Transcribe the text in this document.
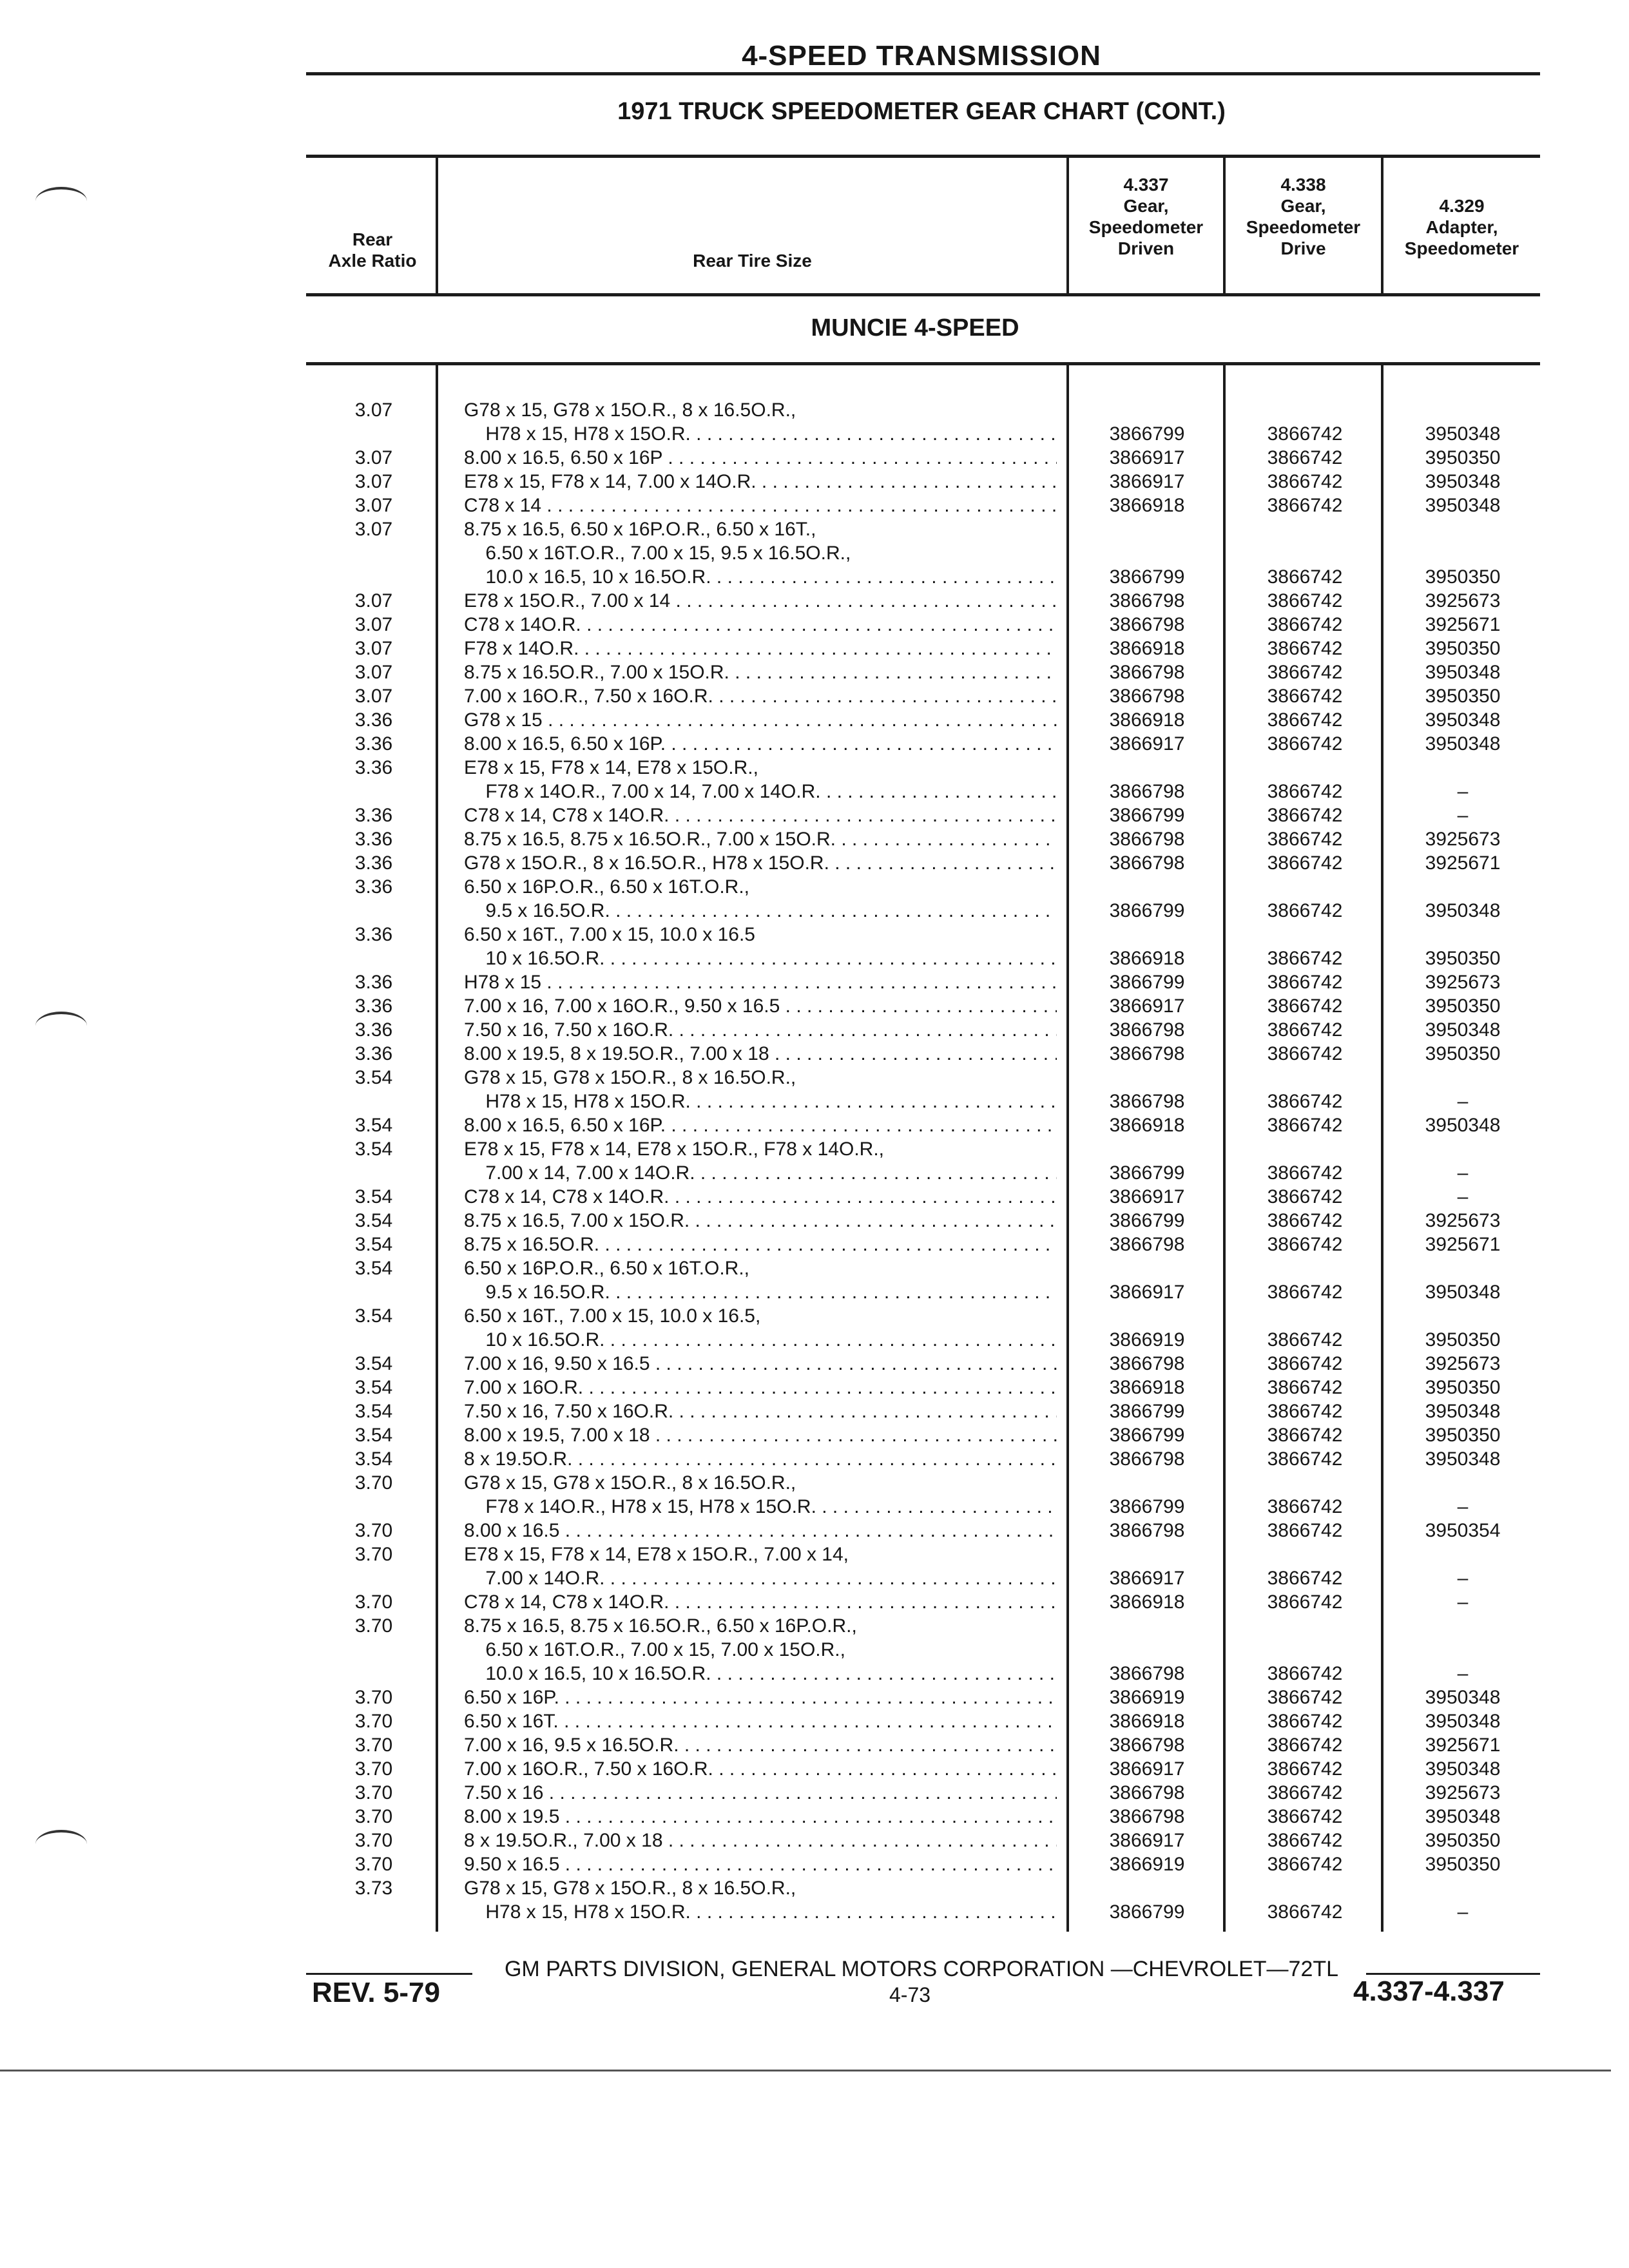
4-SPEED TRANSMISSION
1971 TRUCK SPEEDOMETER GEAR CHART (CONT.)
Rear
Axle Ratio	Rear Tire Size
4.337
Gear,
Speedometer
Driven
4.338
Gear,
Speedometer
Drive
4.329
Adapter,
Speedometer
MUNCIE 4-SPEED
3.07	G78 x 15, G78 x 15O.R., 8 x 16.5O.R.,
H78 x 15, H78 x 15O.R. . . .	3866799	3866742	3950348
3.07	8.00 x 16.5, 6.50 x 16P . . .	3866917	3866742	3950350
3.07	E78 x 15, F78 x 14, 7.00 x 14O.R. . . .	3866917	3866742	3950348
3.07	C78 x 14 . . .	3866918	3866742	3950348
3.07	8.75 x 16.5, 6.50 x 16P.O.R., 6.50 x 16T.,
6.50 x 16T.O.R., 7.00 x 15, 9.5 x 16.5O.R.,
10.0 x 16.5, 10 x 16.5O.R. . . .	3866799	3866742	3950350
3.07	E78 x 15O.R., 7.00 x 14 . . .	3866798	3866742	3925673
3.07	C78 x 14O.R. . . .	3866798	3866742	3925671
3.07	F78 x 14O.R. . . .	3866918	3866742	3950350
3.07	8.75 x 16.5O.R., 7.00 x 15O.R. . . .	3866798	3866742	3950348
3.07	7.00 x 16O.R., 7.50 x 16O.R. . . .	3866798	3866742	3950350
3.36	G78 x 15 . . .	3866918	3866742	3950348
3.36	8.00 x 16.5, 6.50 x 16P. . . .	3866917	3866742	3950348
3.36	E78 x 15, F78 x 14, E78 x 15O.R.,
F78 x 14O.R., 7.00 x 14, 7.00 x 14O.R. . . .	3866798	3866742	–
3.36	C78 x 14, C78 x 14O.R. . . .	3866799	3866742	–
3.36	8.75 x 16.5, 8.75 x 16.5O.R., 7.00 x 15O.R. . . .	3866798	3866742	3925673
3.36	G78 x 15O.R., 8 x 16.5O.R., H78 x 15O.R. . . .	3866798	3866742	3925671
3.36	6.50 x 16P.O.R., 6.50 x 16T.O.R.,
9.5 x 16.5O.R. . . .	3866799	3866742	3950348
3.36	6.50 x 16T., 7.00 x 15, 10.0 x 16.5
10 x 16.5O.R. . . .	3866918	3866742	3950350
3.36	H78 x 15 . . .	3866799	3866742	3925673
3.36	7.00 x 16, 7.00 x 16O.R., 9.50 x 16.5 . . .	3866917	3866742	3950350
3.36	7.50 x 16, 7.50 x 16O.R. . . .	3866798	3866742	3950348
3.36	8.00 x 19.5, 8 x 19.5O.R., 7.00 x 18 . . .	3866798	3866742	3950350
3.54	G78 x 15, G78 x 15O.R., 8 x 16.5O.R.,
H78 x 15, H78 x 15O.R. . . .	3866798	3866742	–
3.54	8.00 x 16.5, 6.50 x 16P. . . .	3866918	3866742	3950348
3.54	E78 x 15, F78 x 14, E78 x 15O.R., F78 x 14O.R.,
7.00 x 14, 7.00 x 14O.R. . . .	3866799	3866742	–
3.54	C78 x 14, C78 x 14O.R. . . .	3866917	3866742	–
3.54	8.75 x 16.5, 7.00 x 15O.R. . . .	3866799	3866742	3925673
3.54	8.75 x 16.5O.R. . . .	3866798	3866742	3925671
3.54	6.50 x 16P.O.R., 6.50 x 16T.O.R.,
9.5 x 16.5O.R. . . .	3866917	3866742	3950348
3.54	6.50 x 16T., 7.00 x 15, 10.0 x 16.5,
10 x 16.5O.R. . . .	3866919	3866742	3950350
3.54	7.00 x 16, 9.50 x 16.5 . . .	3866798	3866742	3925673
3.54	7.00 x 16O.R. . . .	3866918	3866742	3950350
3.54	7.50 x 16, 7.50 x 16O.R. . . .	3866799	3866742	3950348
3.54	8.00 x 19.5, 7.00 x 18 . . .	3866799	3866742	3950350
3.54	8 x 19.5O.R. . . .	3866798	3866742	3950348
3.70	G78 x 15, G78 x 15O.R., 8 x 16.5O.R.,
F78 x 14O.R., H78 x 15, H78 x 15O.R. . . .	3866799	3866742	–
3.70	8.00 x 16.5 . . .	3866798	3866742	3950354
3.70	E78 x 15, F78 x 14, E78 x 15O.R., 7.00 x 14,
7.00 x 14O.R. . . .	3866917	3866742	–
3.70	C78 x 14, C78 x 14O.R. . . .	3866918	3866742	–
3.70	8.75 x 16.5, 8.75 x 16.5O.R., 6.50 x 16P.O.R.,
6.50 x 16T.O.R., 7.00 x 15, 7.00 x 15O.R.,
10.0 x 16.5, 10 x 16.5O.R. . . .	3866798	3866742	–
3.70	6.50 x 16P. . . .	3866919	3866742	3950348
3.70	6.50 x 16T. . . .	3866918	3866742	3950348
3.70	7.00 x 16, 9.5 x 16.5O.R. . . .	3866798	3866742	3925671
3.70	7.00 x 16O.R., 7.50 x 16O.R. . . .	3866917	3866742	3950348
3.70	7.50 x 16 . . .	3866798	3866742	3925673
3.70	8.00 x 19.5 . . .	3866798	3866742	3950348
3.70	8 x 19.5O.R., 7.00 x 18 . . .	3866917	3866742	3950350
3.70	9.50 x 16.5 . . .	3866919	3866742	3950350
3.73	G78 x 15, G78 x 15O.R., 8 x 16.5O.R.,
H78 x 15, H78 x 15O.R. . . .	3866799	3866742	–
GM PARTS DIVISION, GENERAL MOTORS CORPORATION —CHEVROLET—72TL
REV. 5-79	4-73	4.337-4.337
